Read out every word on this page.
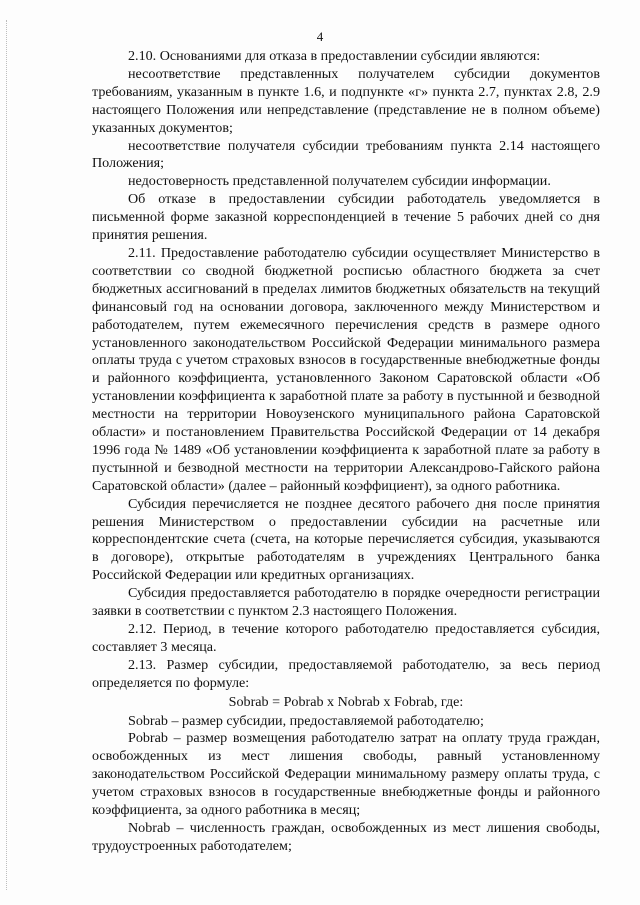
4

2.10. Основаниями для отказа в предоставлении субсидии являются:

несоответствие представленных получателем субсидии документов требованиям, указанным в пункте 1.6, и подпункте «г» пункта 2.7, пунктах 2.8, 2.9 настоящего Положения или непредставление (представление не в полном объеме) указанных документов;

несоответствие получателя субсидии требованиям пункта 2.14 настоящего Положения;

недостоверность представленной получателем субсидии информации.

Об отказе в предоставлении субсидии работодатель уведомляется в письменной форме заказной корреспонденцией в течение 5 рабочих дней со дня принятия решения.

2.11. Предоставление работодателю субсидии осуществляет Министерство в соответствии со сводной бюджетной росписью областного бюджета за счет бюджетных ассигнований в пределах лимитов бюджетных обязательств на текущий финансовый год на основании договора, заключенного между Министерством и работодателем, путем ежемесячного перечисления средств в размере одного установленного законодательством Российской Федерации минимального размера оплаты труда с учетом страховых взносов в государственные внебюджетные фонды и районного коэффициента, установленного Законом Саратовской области «Об установлении коэффициента к заработной плате за работу в пустынной и безводной местности на территории Новоузенского муниципального района Саратовской области» и постановлением Правительства Российской Федерации от 14 декабря 1996 года № 1489 «Об установлении коэффициента к заработной плате за работу в пустынной и безводной местности на территории Александрово-Гайского района Саратовской области» (далее – районный коэффициент), за одного работника.

Субсидия перечисляется не позднее десятого рабочего дня после принятия решения Министерством о предоставлении субсидии на расчетные или корреспондентские счета (счета, на которые перечисляется субсидия, указываются в договоре), открытые работодателям в учреждениях Центрального банка Российской Федерации или кредитных организациях.

Субсидия предоставляется работодателю в порядке очередности регистрации заявки в соответствии с пунктом 2.3 настоящего Положения.

2.12. Период, в течение которого работодателю предоставляется субсидия, составляет 3 месяца.

2.13. Размер субсидии, предоставляемой работодателю, за весь период определяется по формуле:

Sobrab = Pobrab x Nobrab x Fobrab, где:

Sobrab – размер субсидии, предоставляемой работодателю;

Pobrab – размер возмещения работодателю затрат на оплату труда граждан, освобожденных из мест лишения свободы, равный установленному законодательством Российской Федерации минимальному размеру оплаты труда, с учетом страховых взносов в государственные внебюджетные фонды и районного коэффициента, за одного работника в месяц;

Nobrab – численность граждан, освобожденных из мест лишения свободы, трудоустроенных работодателем;
